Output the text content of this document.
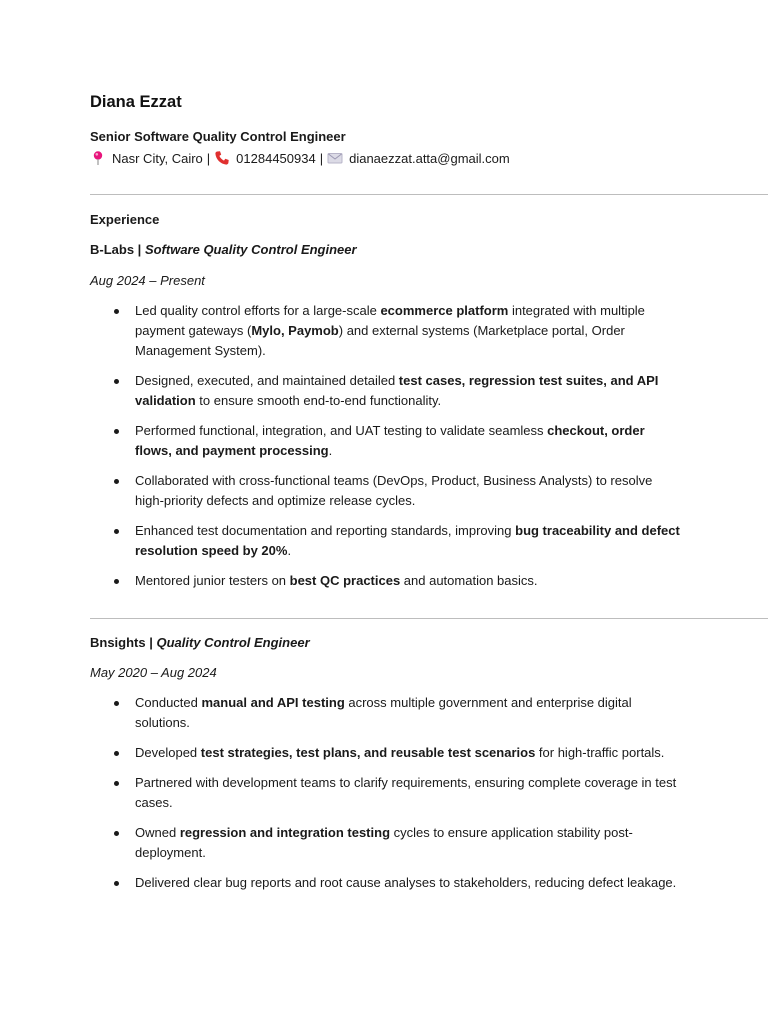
Diana Ezzat
Senior Software Quality Control Engineer
Nasr City, Cairo | 01284450934 | dianaezzat.atta@gmail.com
Experience
B-Labs | Software Quality Control Engineer
Aug 2024 – Present
Led quality control efforts for a large-scale ecommerce platform integrated with multiple payment gateways (Mylo, Paymob) and external systems (Marketplace portal, Order Management System).
Designed, executed, and maintained detailed test cases, regression test suites, and API validation to ensure smooth end-to-end functionality.
Performed functional, integration, and UAT testing to validate seamless checkout, order flows, and payment processing.
Collaborated with cross-functional teams (DevOps, Product, Business Analysts) to resolve high-priority defects and optimize release cycles.
Enhanced test documentation and reporting standards, improving bug traceability and defect resolution speed by 20%.
Mentored junior testers on best QC practices and automation basics.
Bnsights | Quality Control Engineer
May 2020 – Aug 2024
Conducted manual and API testing across multiple government and enterprise digital solutions.
Developed test strategies, test plans, and reusable test scenarios for high-traffic portals.
Partnered with development teams to clarify requirements, ensuring complete coverage in test cases.
Owned regression and integration testing cycles to ensure application stability post-deployment.
Delivered clear bug reports and root cause analyses to stakeholders, reducing defect leakage.
